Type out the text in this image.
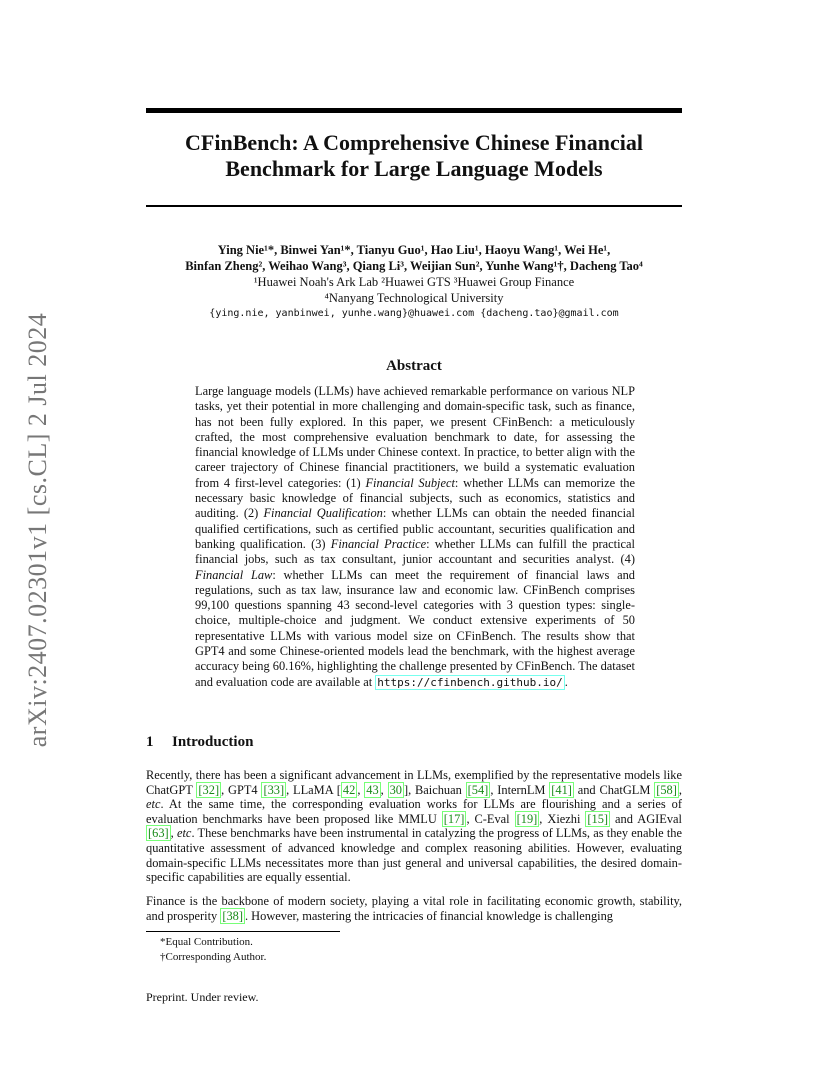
arXiv:2407.02301v1 [cs.CL] 2 Jul 2024
CFinBench: A Comprehensive Chinese Financial
Benchmark for Large Language Models
Ying Nie¹*, Binwei Yan¹*, Tianyu Guo¹, Hao Liu¹, Haoyu Wang¹, Wei He¹,
Binfan Zheng², Weihao Wang³, Qiang Li³, Weijian Sun², Yunhe Wang¹†, Dacheng Tao⁴
¹Huawei Noah's Ark Lab ²Huawei GTS ³Huawei Group Finance
⁴Nanyang Technological University
{ying.nie, yanbinwei, yunhe.wang}@huawei.com {dacheng.tao}@gmail.com
Abstract
Large language models (LLMs) have achieved remarkable performance on various NLP tasks, yet their potential in more challenging and domain-specific task, such as finance, has not been fully explored. In this paper, we present CFinBench: a meticulously crafted, the most comprehensive evaluation benchmark to date, for assessing the financial knowledge of LLMs under Chinese context. In practice, to better align with the career trajectory of Chinese financial practitioners, we build a systematic evaluation from 4 first-level categories: (1) Financial Subject: whether LLMs can memorize the necessary basic knowledge of financial subjects, such as economics, statistics and auditing. (2) Financial Qualification: whether LLMs can obtain the needed financial qualified certifications, such as certified public accountant, securities qualification and banking qualification. (3) Financial Practice: whether LLMs can fulfill the practical financial jobs, such as tax consultant, junior accountant and securities analyst. (4) Financial Law: whether LLMs can meet the requirement of financial laws and regulations, such as tax law, insurance law and economic law. CFinBench comprises 99,100 questions spanning 43 second-level categories with 3 question types: single-choice, multiple-choice and judgment. We conduct extensive experiments of 50 representative LLMs with various model size on CFinBench. The results show that GPT4 and some Chinese-oriented models lead the benchmark, with the highest average accuracy being 60.16%, highlighting the challenge presented by CFinBench. The dataset and evaluation code are available at https://cfinbench.github.io/ .
1 Introduction
Recently, there has been a significant advancement in LLMs, exemplified by the representative models like ChatGPT [32] , GPT4 [33] , LLaMA [ 42 , 43 , 30 ], Baichuan [54] , InternLM [41] and ChatGLM [58] , etc. At the same time, the corresponding evaluation works for LLMs are flourishing and a series of evaluation benchmarks have been proposed like MMLU [17] , C-Eval [19] , Xiezhi [15] and AGIEval [63] , etc. These benchmarks have been instrumental in catalyzing the progress of LLMs, as they enable the quantitative assessment of advanced knowledge and complex reasoning abilities. However, evaluating domain-specific LLMs necessitates more than just general and universal capabilities, the desired domain-specific capabilities are equally essential.
Finance is the backbone of modern society, playing a vital role in facilitating economic growth, stability, and prosperity [38] . However, mastering the intricacies of financial knowledge is challenging
*Equal Contribution.
†Corresponding Author.
Preprint. Under review.
